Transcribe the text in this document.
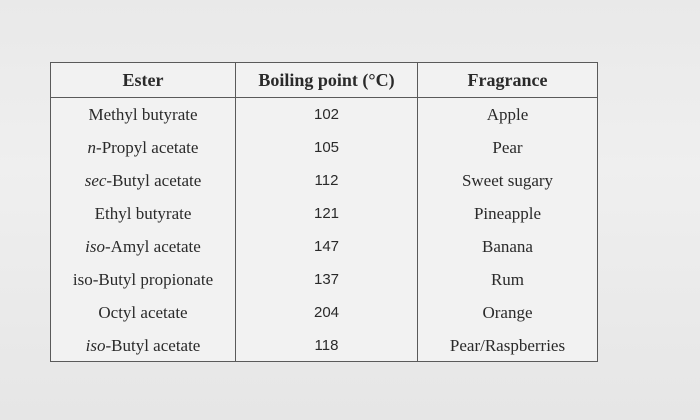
Ester	Boiling point (°C)	Fragrance
Methyl butyrate	102	Apple
n-Propyl acetate	105	Pear
sec-Butyl acetate	112	Sweet sugary
Ethyl butyrate	121	Pineapple
iso-Amyl acetate	147	Banana
iso-Butyl propionate	137	Rum
Octyl acetate	204	Orange
iso-Butyl acetate	118	Pear/Raspberries
